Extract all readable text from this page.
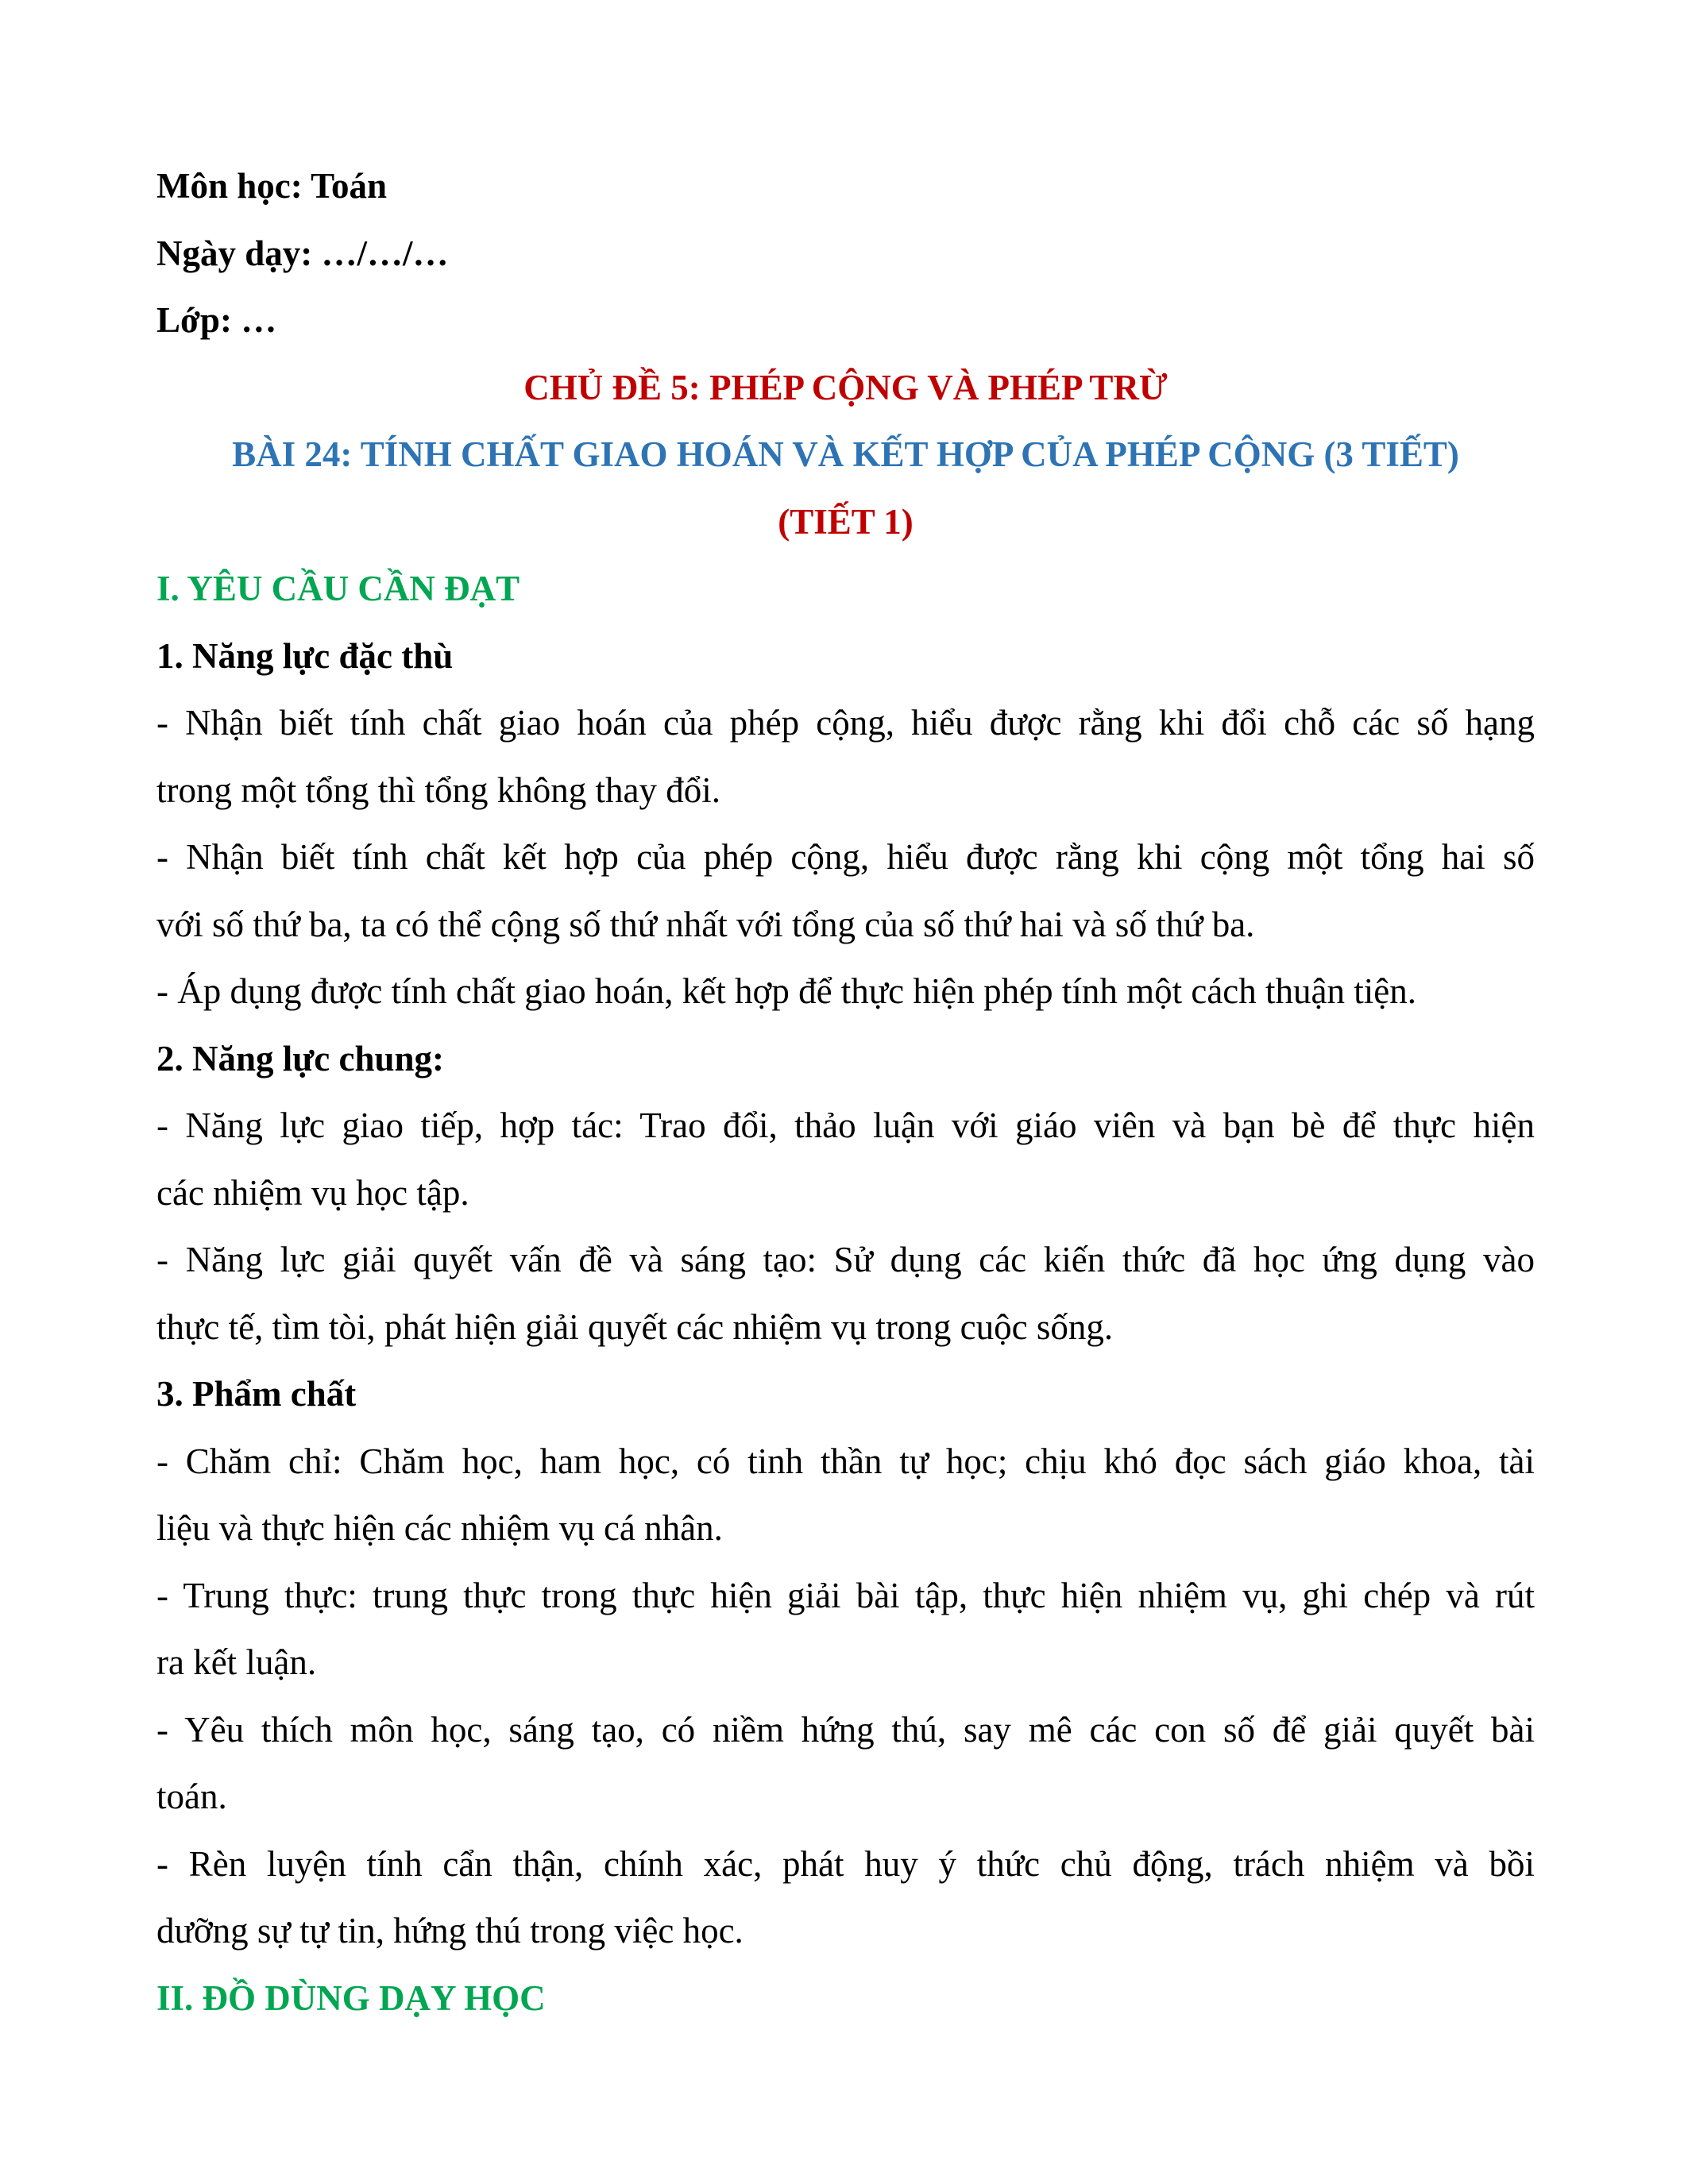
Môn học: Toán

Ngày dạy: …/…/…

Lớp: …

CHỦ ĐỀ 5: PHÉP CỘNG VÀ PHÉP TRỪ

BÀI 24: TÍNH CHẤT GIAO HOÁN VÀ KẾT HỢP CỦA PHÉP CỘNG (3 TIẾT)

(TIẾT 1)

I. YÊU CẦU CẦN ĐẠT

1. Năng lực đặc thù

- Nhận biết tính chất giao hoán của phép cộng, hiểu được rằng khi đổi chỗ các số hạng
trong một tổng thì tổng không thay đổi.

- Nhận biết tính chất kết hợp của phép cộng, hiểu được rằng khi cộng một tổng hai số
với số thứ ba, ta có thể cộng số thứ nhất với tổng của số thứ hai và số thứ ba.

- Áp dụng được tính chất giao hoán, kết hợp để thực hiện phép tính một cách thuận tiện.

2. Năng lực chung:

- Năng lực giao tiếp, hợp tác: Trao đổi, thảo luận với giáo viên và bạn bè để thực hiện
các nhiệm vụ học tập.

- Năng lực giải quyết vấn đề và sáng tạo: Sử dụng các kiến thức đã học ứng dụng vào
thực tế, tìm tòi, phát hiện giải quyết các nhiệm vụ trong cuộc sống.

3. Phẩm chất

- Chăm chỉ: Chăm học, ham học, có tinh thần tự học; chịu khó đọc sách giáo khoa, tài
liệu và thực hiện các nhiệm vụ cá nhân.

- Trung thực: trung thực trong thực hiện giải bài tập, thực hiện nhiệm vụ, ghi chép và rút
ra kết luận.

- Yêu thích môn học, sáng tạo, có niềm hứng thú, say mê các con số để giải quyết bài
toán.

- Rèn luyện tính cẩn thận, chính xác, phát huy ý thức chủ động, trách nhiệm và bồi
dưỡng sự tự tin, hứng thú trong việc học.

II. ĐỒ DÙNG DẠY HỌC
